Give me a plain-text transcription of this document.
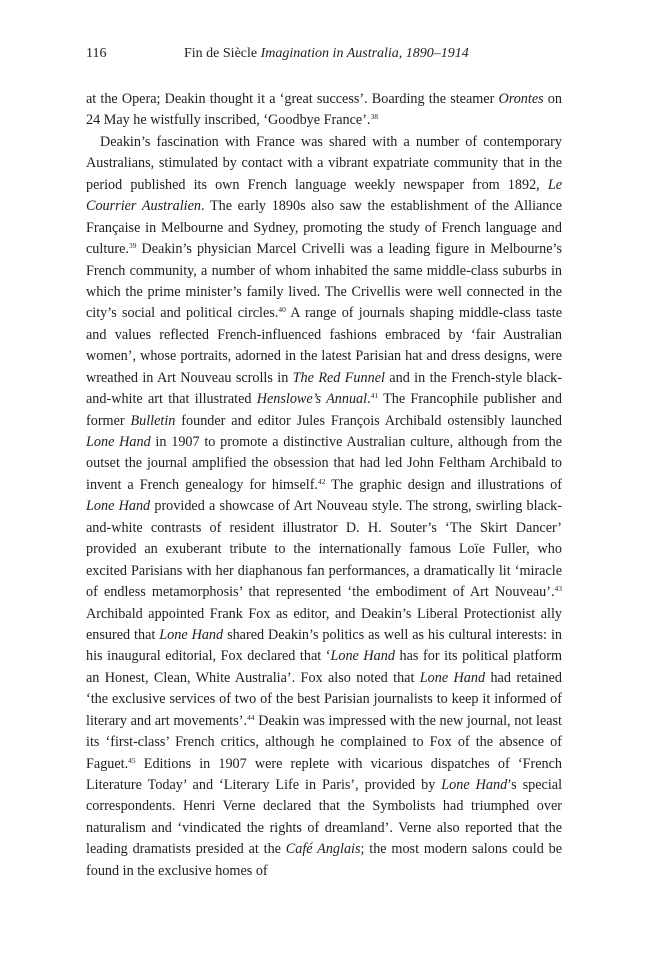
116	Fin de Siècle Imagination in Australia, 1890–1914

at the Opera; Deakin thought it a ‘great success’. Boarding the steamer Orontes on 24 May he wistfully inscribed, ‘Goodbye France’.$^{38}$

Deakin’s fascination with France was shared with a number of contemporary Australians, stimulated by contact with a vibrant expatriate community that in the period published its own French language weekly newspaper from 1892, Le Courrier Australien. The early 1890s also saw the establishment of the Alliance Française in Melbourne and Sydney, promoting the study of French language and culture.$^{39}$ Deakin’s physician Marcel Crivelli was a leading figure in Melbourne’s French community, a number of whom inhabited the same middle-class suburbs in which the prime minister’s family lived. The Crivellis were well connected in the city’s social and political circles.$^{40}$ A range of journals shaping middle-class taste and values reflected French-influenced fashions embraced by ‘fair Australian women’, whose portraits, adorned in the latest Parisian hat and dress designs, were wreathed in Art Nouveau scrolls in The Red Funnel and in the French-style black-and-white art that illustrated Henslowe’s Annual.$^{41}$ The Francophile publisher and former Bulletin founder and editor Jules François Archibald ostensibly launched Lone Hand in 1907 to promote a distinctive Australian culture, although from the outset the journal amplified the obsession that had led John Feltham Archibald to invent a French genealogy for himself.$^{42}$ The graphic design and illustrations of Lone Hand provided a showcase of Art Nouveau style. The strong, swirling black-and-white contrasts of resident illustrator D. H. Souter’s ‘The Skirt Dancer’ provided an exuberant tribute to the internationally famous Loïe Fuller, who excited Parisians with her diaphanous fan performances, a dramatically lit ‘miracle of endless metamorphosis’ that represented ‘the embodiment of Art Nouveau’.$^{43}$ Archibald appointed Frank Fox as editor, and Deakin’s Liberal Protectionist ally ensured that Lone Hand shared Deakin’s politics as well as his cultural interests: in his inaugural editorial, Fox declared that ‘Lone Hand has for its political platform an Honest, Clean, White Australia’. Fox also noted that Lone Hand had retained ‘the exclusive services of two of the best Parisian journalists to keep it informed of literary and art movements’.$^{44}$ Deakin was impressed with the new journal, not least its ‘first-class’ French critics, although he complained to Fox of the absence of Faguet.$^{45}$ Editions in 1907 were replete with vicarious dispatches of ‘French Literature Today’ and ‘Literary Life in Paris’, provided by Lone Hand’s special correspondents. Henri Verne declared that the Symbolists had triumphed over naturalism and ‘vindicated the rights of dreamland’. Verne also reported that the leading dramatists presided at the Café Anglais; the most modern salons could be found in the exclusive homes of
